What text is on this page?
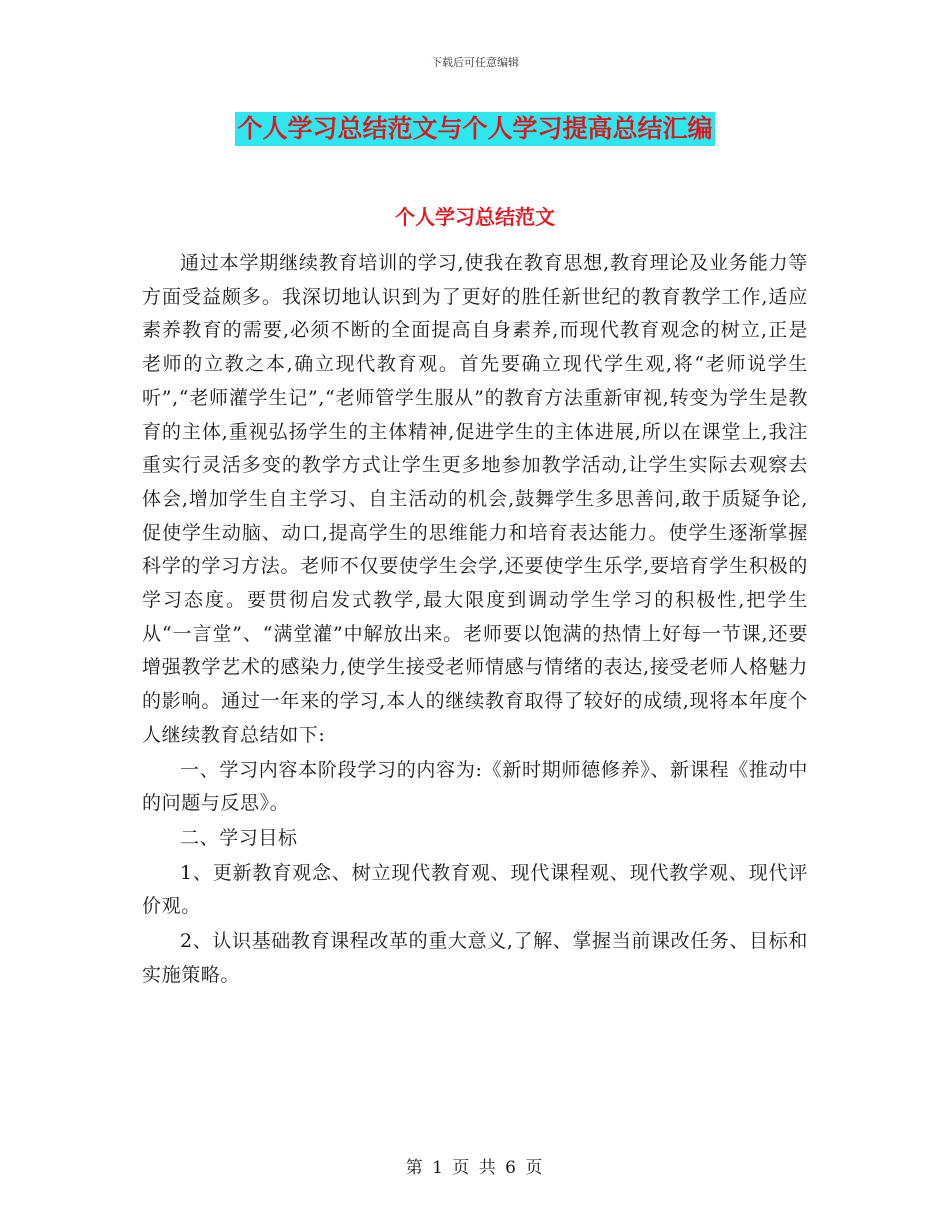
下载后可任意编辑
个人学习总结范文与个人学习提高总结汇编
个人学习总结范文

通过本学期继续教育培训的学习,使我在教育思想,教育理论及业务能力等方面受益颇多。我深切地认识到为了更好的胜任新世纪的教育教学工作,适应素养教育的需要,必须不断的全面提高自身素养,而现代教育观念的树立,正是老师的立教之本,确立现代教育观。首先要确立现代学生观,将“老师说学生听”,“老师灌学生记”,“老师管学生服从”的教育方法重新审视,转变为学生是教育的主体,重视弘扬学生的主体精神,促进学生的主体进展,所以在课堂上,我注重实行灵活多变的教学方式让学生更多地参加教学活动,让学生实际去观察去体会,增加学生自主学习、自主活动的机会,鼓舞学生多思善问,敢于质疑争论,促使学生动脑、动口,提高学生的思维能力和培育表达能力。使学生逐渐掌握科学的学习方法。老师不仅要使学生会学,还要使学生乐学,要培育学生积极的学习态度。要贯彻启发式教学,最大限度到调动学生学习的积极性,把学生从“一言堂”、“满堂灌”中解放出来。老师要以饱满的热情上好每一节课,还要增强教学艺术的感染力,使学生接受老师情感与情绪的表达,接受老师人格魅力的影响。通过一年来的学习,本人的继续教育取得了较好的成绩,现将本年度个人继续教育总结如下:

一、学习内容本阶段学习的内容为:《新时期师德修养》、新课程《推动中的问题与反思》。

二、学习目标

1、更新教育观念、树立现代教育观、现代课程观、现代教学观、现代评价观。

2、认识基础教育课程改革的重大意义,了解、掌握当前课改任务、目标和实施策略。

第 1 页 共 6 页
